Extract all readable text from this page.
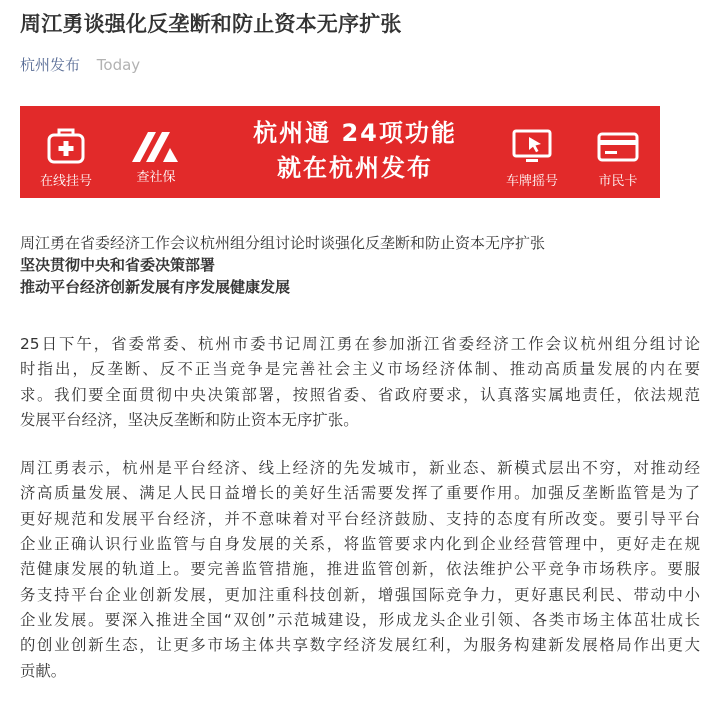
周江勇谈强化反垄断和防止资本无序扩张
杭州发布 Today
在线挂号	查社保
杭州通 24项功能
就在杭州发布	车牌摇号	市民卡

周江勇在省委经济工作会议杭州组分组讨论时谈强化反垄断和防止资本无序扩张

坚决贯彻中央和省委决策部署

推动平台经济创新发展有序发展健康发展

25日下午，省委常委、杭州市委书记周江勇在参加浙江省委经济工作会议杭州组分组讨论
时指出，反垄断、反不正当竞争是完善社会主义市场经济体制、推动高质量发展的内在要
求。我们要全面贯彻中央决策部署，按照省委、省政府要求，认真落实属地责任，依法规范
发展平台经济，坚决反垄断和防止资本无序扩张。
周江勇表示，杭州是平台经济、线上经济的先发城市，新业态、新模式层出不穷，对推动经
济高质量发展、满足人民日益增长的美好生活需要发挥了重要作用。加强反垄断监管是为了
更好规范和发展平台经济，并不意味着对平台经济鼓励、支持的态度有所改变。要引导平台
企业正确认识行业监管与自身发展的关系，将监管要求内化到企业经营管理中，更好走在规
范健康发展的轨道上。要完善监管措施，推进监管创新，依法维护公平竞争市场秩序。要服
务支持平台企业创新发展，更加注重科技创新，增强国际竞争力，更好惠民利民、带动中小
企业发展。要深入推进全国“双创”示范城建设，形成龙头企业引领、各类市场主体茁壮成长
的创业创新生态，让更多市场主体共享数字经济发展红利，为服务构建新发展格局作出更大
贡献。
